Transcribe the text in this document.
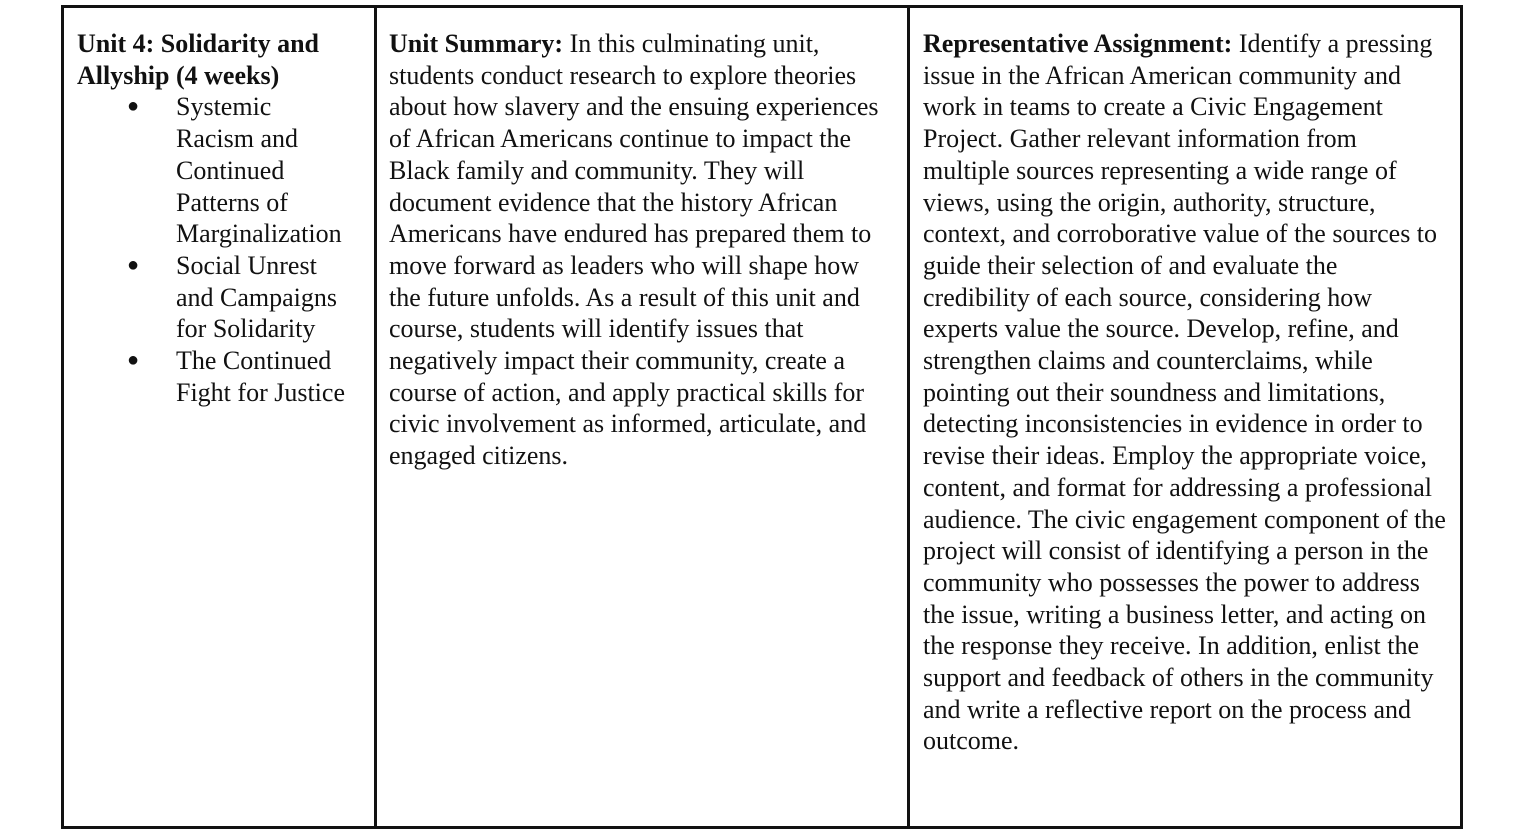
Unit 4: Solidarity and Allyship (4 weeks)

● Systemic Racism and Continued Patterns of Marginalization
● Social Unrest and Campaigns for Solidarity
● The Continued Fight for Justice

Unit Summary: In this culminating unit, students conduct research to explore theories about how slavery and the ensuing experiences of African Americans continue to impact the Black family and community. They will document evidence that the history African Americans have endured has prepared them to move forward as leaders who will shape how the future unfolds. As a result of this unit and course, students will identify issues that negatively impact their community, create a course of action, and apply practical skills for civic involvement as informed, articulate, and engaged citizens.

Representative Assignment: Identify a pressing issue in the African American community and work in teams to create a Civic Engagement Project. Gather relevant information from multiple sources representing a wide range of views, using the origin, authority, structure, context, and corroborative value of the sources to guide their selection of and evaluate the credibility of each source, considering how experts value the source. Develop, refine, and strengthen claims and counterclaims, while pointing out their soundness and limitations, detecting inconsistencies in evidence in order to revise their ideas. Employ the appropriate voice, content, and format for addressing a professional audience. The civic engagement component of the project will consist of identifying a person in the community who possesses the power to address the issue, writing a business letter, and acting on the response they receive. In addition, enlist the support and feedback of others in the community and write a reflective report on the process and outcome.
